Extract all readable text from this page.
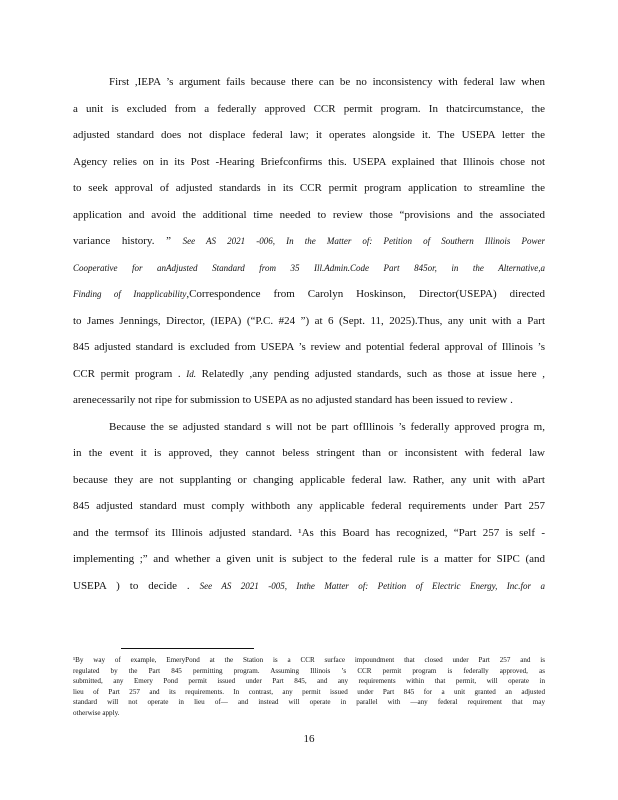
First ,IEPA ’s argument fails because there can be no inconsistency with federal law when
a unit is excluded from a federally approved CCR permit program. In thatcircumstance, the
adjusted standard does not displace federal law; it operates alongside it. The USEPA letter the
Agency relies on in its Post -Hearing Briefconfirms this. USEPA explained that Illinois chose not
to seek approval of adjusted standards in its CCR permit program application to streamline the
application and avoid the additional time needed to review those “provisions and the associated
variance history. ” See AS 2021 -006, In the Matter of: Petition of Southern Illinois Power
Cooperative for anAdjusted Standard from 35 Ill.Admin.Code Part 845or, in the Alternative,a
Finding of Inapplicability,Correspondence from Carolyn Hoskinson, Director(USEPA) directed
to James Jennings, Director, (IEPA) (“P.C. #24 ”) at 6 (Sept. 11, 2025).Thus, any unit with a Part
845 adjusted standard is excluded from USEPA ’s review and potential federal approval of Illinois ’s
CCR permit program . Id. Relatedly ,any pending adjusted standards, such as those at issue here ,
arenecessarily not ripe for submission to USEPA as no adjusted standard has been issued to review .
Because the se adjusted standard s will not be part ofIllinois ’s federally approved progra m,
in the event it is approved, they cannot beless stringent than or inconsistent with federal law
because they are not supplanting or changing applicable federal law. Rather, any unit with aPart
845 adjusted standard must comply withboth any applicable federal requirements under Part 257
and the termsof its Illinois adjusted standard. ¹As this Board has recognized, “Part 257 is self -
implementing ;” and whether a given unit is subject to the federal rule is a matter for SIPC (and
USEPA ) to decide . See AS 2021 -005, Inthe Matter of: Petition of Electric Energy, Inc.for a
¹By way of example, EmeryPond at the Station is a CCR surface impoundment that closed under Part 257 and is
regulated by the Part 845 permitting program. Assuming Illinois ’s CCR permit program is federally approved, as
submitted, any Emery Pond permit issued under Part 845, and any requirements within that permit, will operate in
lieu of Part 257 and its requirements. In contrast, any permit issued under Part 845 for a unit granted an adjusted
standard will not operate in lieu of— and instead will operate in parallel with —any federal requirement that may
otherwise apply.
16
